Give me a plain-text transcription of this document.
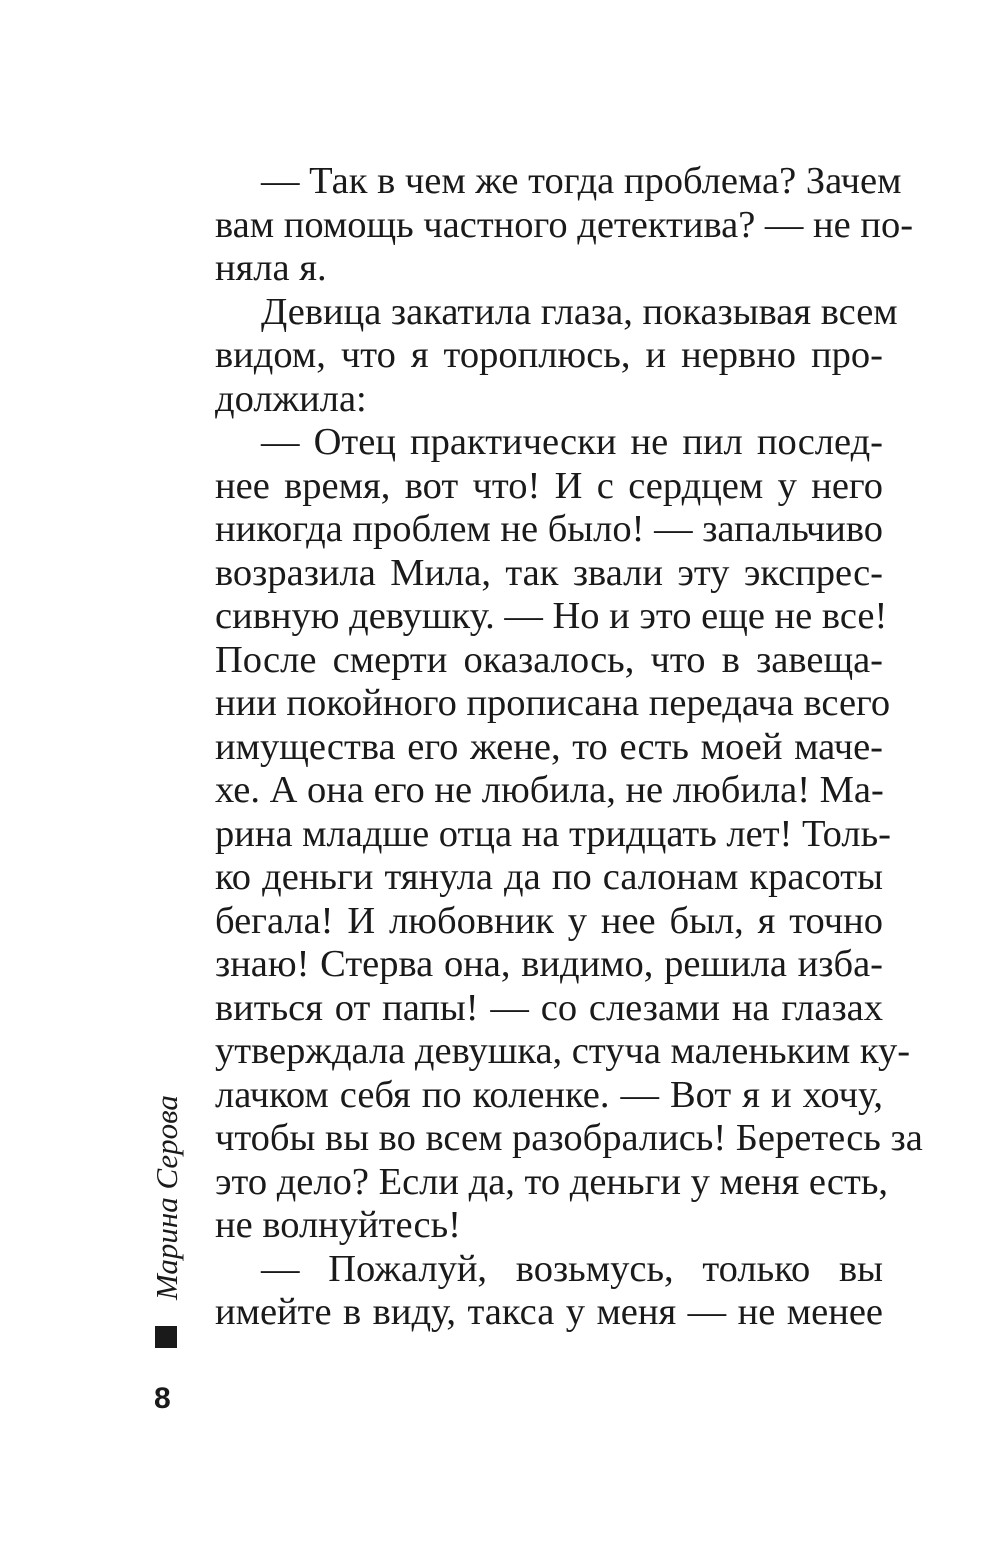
— Так в чем же тогда проблема? Зачем
вам помощь частного детектива? — не по-
няла я.
Девица закатила глаза, показывая всем
видом, что я тороплюсь, и нервно про-
должила:
— Отец практически не пил послед-
нее время, вот что! И с сердцем у него
никогда проблем не было! — запальчиво
возразила Мила, так звали эту экспрес-
сивную девушку. — Но и это еще не все!
После смерти оказалось, что в завеща-
нии покойного прописана передача всего
имущества его жене, то есть моей маче-
хе. А она его не любила, не любила! Ма-
рина младше отца на тридцать лет! Толь-
ко деньги тянула да по салонам красоты
бегала! И любовник у нее был, я точно
знаю! Стерва она, видимо, решила изба-
виться от папы! — со слезами на глазах
утверждала девушка, стуча маленьким ку-
лачком себя по коленке. — Вот я и хочу,
чтобы вы во всем разобрались! Беретесь за
это дело? Если да, то деньги у меня есть,
не волнуйтесь!
— Пожалуй, возьмусь, только вы
имейте в виду, такса у меня — не менее
Марина Серова
8
